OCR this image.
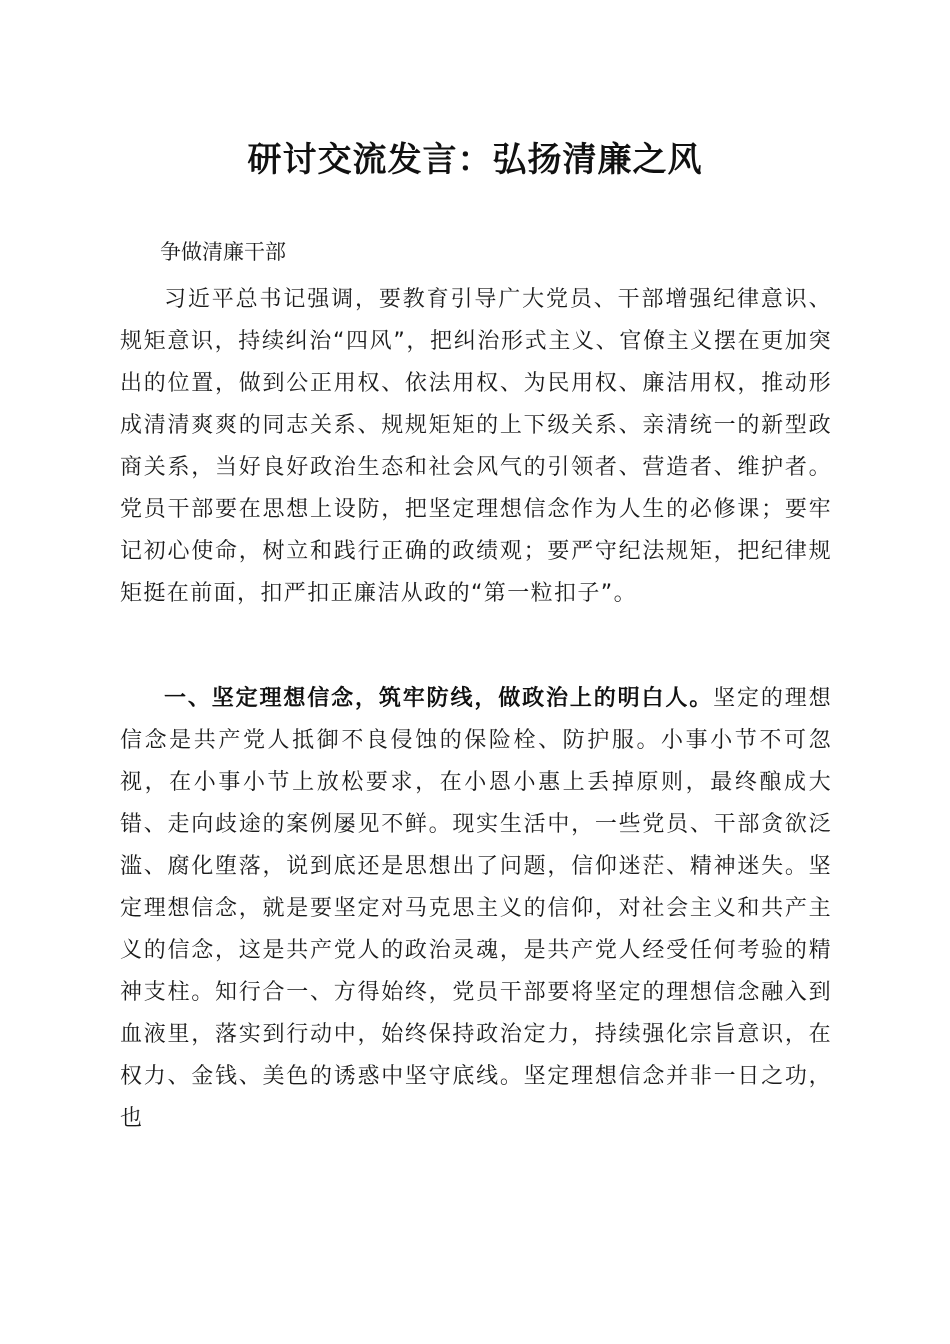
研讨交流发言：弘扬清廉之风

争做清廉干部

习近平总书记强调，要教育引导广大党员、干部增强纪律意识、规矩意识，持续纠治“四风”，把纠治形式主义、官僚主义摆在更加突出的位置，做到公正用权、依法用权、为民用权、廉洁用权，推动形成清清爽爽的同志关系、规规矩矩的上下级关系、亲清统一的新型政商关系，当好良好政治生态和社会风气的引领者、营造者、维护者。党员干部要在思想上设防，把坚定理想信念作为人生的必修课；要牢记初心使命，树立和践行正确的政绩观；要严守纪法规矩，把纪律规矩挺在前面，扣严扣正廉洁从政的“第一粒扣子”。

一、坚定理想信念，筑牢防线，做政治上的明白人。坚定的理想信念是共产党人抵御不良侵蚀的保险栓、防护服。小事小节不可忽视，在小事小节上放松要求，在小恩小惠上丢掉原则，最终酿成大错、走向歧途的案例屡见不鲜。现实生活中，一些党员、干部贪欲泛滥、腐化堕落，说到底还是思想出了问题，信仰迷茫、精神迷失。坚定理想信念，就是要坚定对马克思主义的信仰，对社会主义和共产主义的信念，这是共产党人的政治灵魂，是共产党人经受任何考验的精神支柱。知行合一、方得始终，党员干部要将坚定的理想信念融入到血液里，落实到行动中，始终保持政治定力，持续强化宗旨意识，在权力、金钱、美色的诱惑中坚守底线。坚定理想信念并非一日之功，也
